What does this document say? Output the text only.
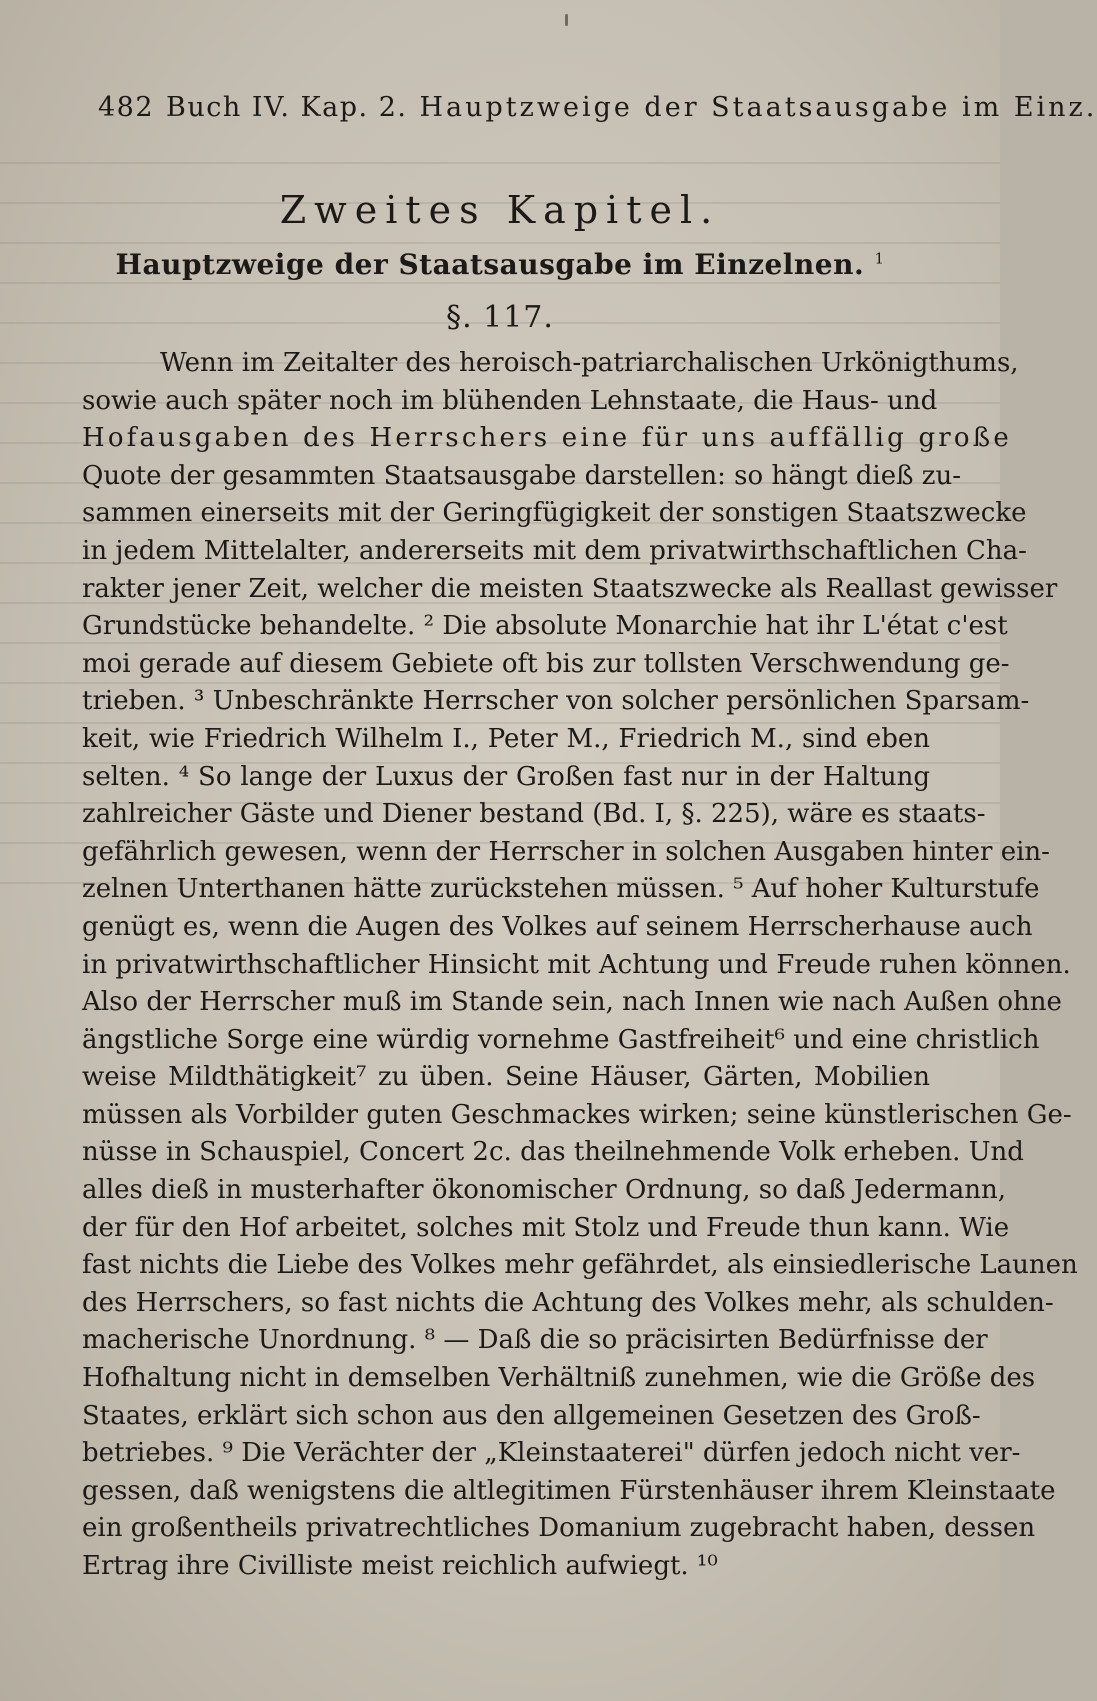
482 Buch IV. Kap. 2. Hauptzweige der Staatsausgabe im Einz.
Zweites Kapitel.
Hauptzweige der Staatsausgabe im Einzelnen. $^1$
§. 117.
Wenn im Zeitalter des heroisch-patriarchalischen Urkönigthums,
sowie auch später noch im blühenden Lehnstaate, die Haus- und
Hofausgaben des Herrschers eine für uns auffällig große
Quote der gesammten Staatsausgabe darstellen: so hängt dieß zu-
sammen einerseits mit der Geringfügigkeit der sonstigen Staatszwecke
in jedem Mittelalter, andererseits mit dem privatwirthschaftlichen Cha-
rakter jener Zeit, welcher die meisten Staatszwecke als Reallast gewisser
Grundstücke behandelte. ² Die absolute Monarchie hat ihr L'état c'est
moi gerade auf diesem Gebiete oft bis zur tollsten Verschwendung ge-
trieben. ³ Unbeschränkte Herrscher von solcher persönlichen Sparsam-
keit, wie Friedrich Wilhelm I., Peter M., Friedrich M., sind eben
selten. ⁴ So lange der Luxus der Großen fast nur in der Haltung
zahlreicher Gäste und Diener bestand (Bd. I, §. 225), wäre es staats-
gefährlich gewesen, wenn der Herrscher in solchen Ausgaben hinter ein-
zelnen Unterthanen hätte zurückstehen müssen. ⁵ Auf hoher Kulturstufe
genügt es, wenn die Augen des Volkes auf seinem Herrscherhause auch
in privatwirthschaftlicher Hinsicht mit Achtung und Freude ruhen können.
Also der Herrscher muß im Stande sein, nach Innen wie nach Außen ohne
ängstliche Sorge eine würdig vornehme Gastfreiheit⁶ und eine christlich
weise Mildthätigkeit⁷ zu üben. Seine Häuser, Gärten, Mobilien
müssen als Vorbilder guten Geschmackes wirken; seine künstlerischen Ge-
nüsse in Schauspiel, Concert 2c. das theilnehmende Volk erheben. Und
alles dieß in musterhafter ökonomischer Ordnung, so daß Jedermann,
der für den Hof arbeitet, solches mit Stolz und Freude thun kann. Wie
fast nichts die Liebe des Volkes mehr gefährdet, als einsiedlerische Launen
des Herrschers, so fast nichts die Achtung des Volkes mehr, als schulden-
macherische Unordnung. ⁸ — Daß die so präcisirten Bedürfnisse der
Hofhaltung nicht in demselben Verhältniß zunehmen, wie die Größe des
Staates, erklärt sich schon aus den allgemeinen Gesetzen des Groß-
betriebes. ⁹ Die Verächter der „Kleinstaaterei" dürfen jedoch nicht ver-
gessen, daß wenigstens die altlegitimen Fürstenhäuser ihrem Kleinstaate
ein großentheils privatrechtliches Domanium zugebracht haben, dessen
Ertrag ihre Civilliste meist reichlich aufwiegt. ¹⁰
